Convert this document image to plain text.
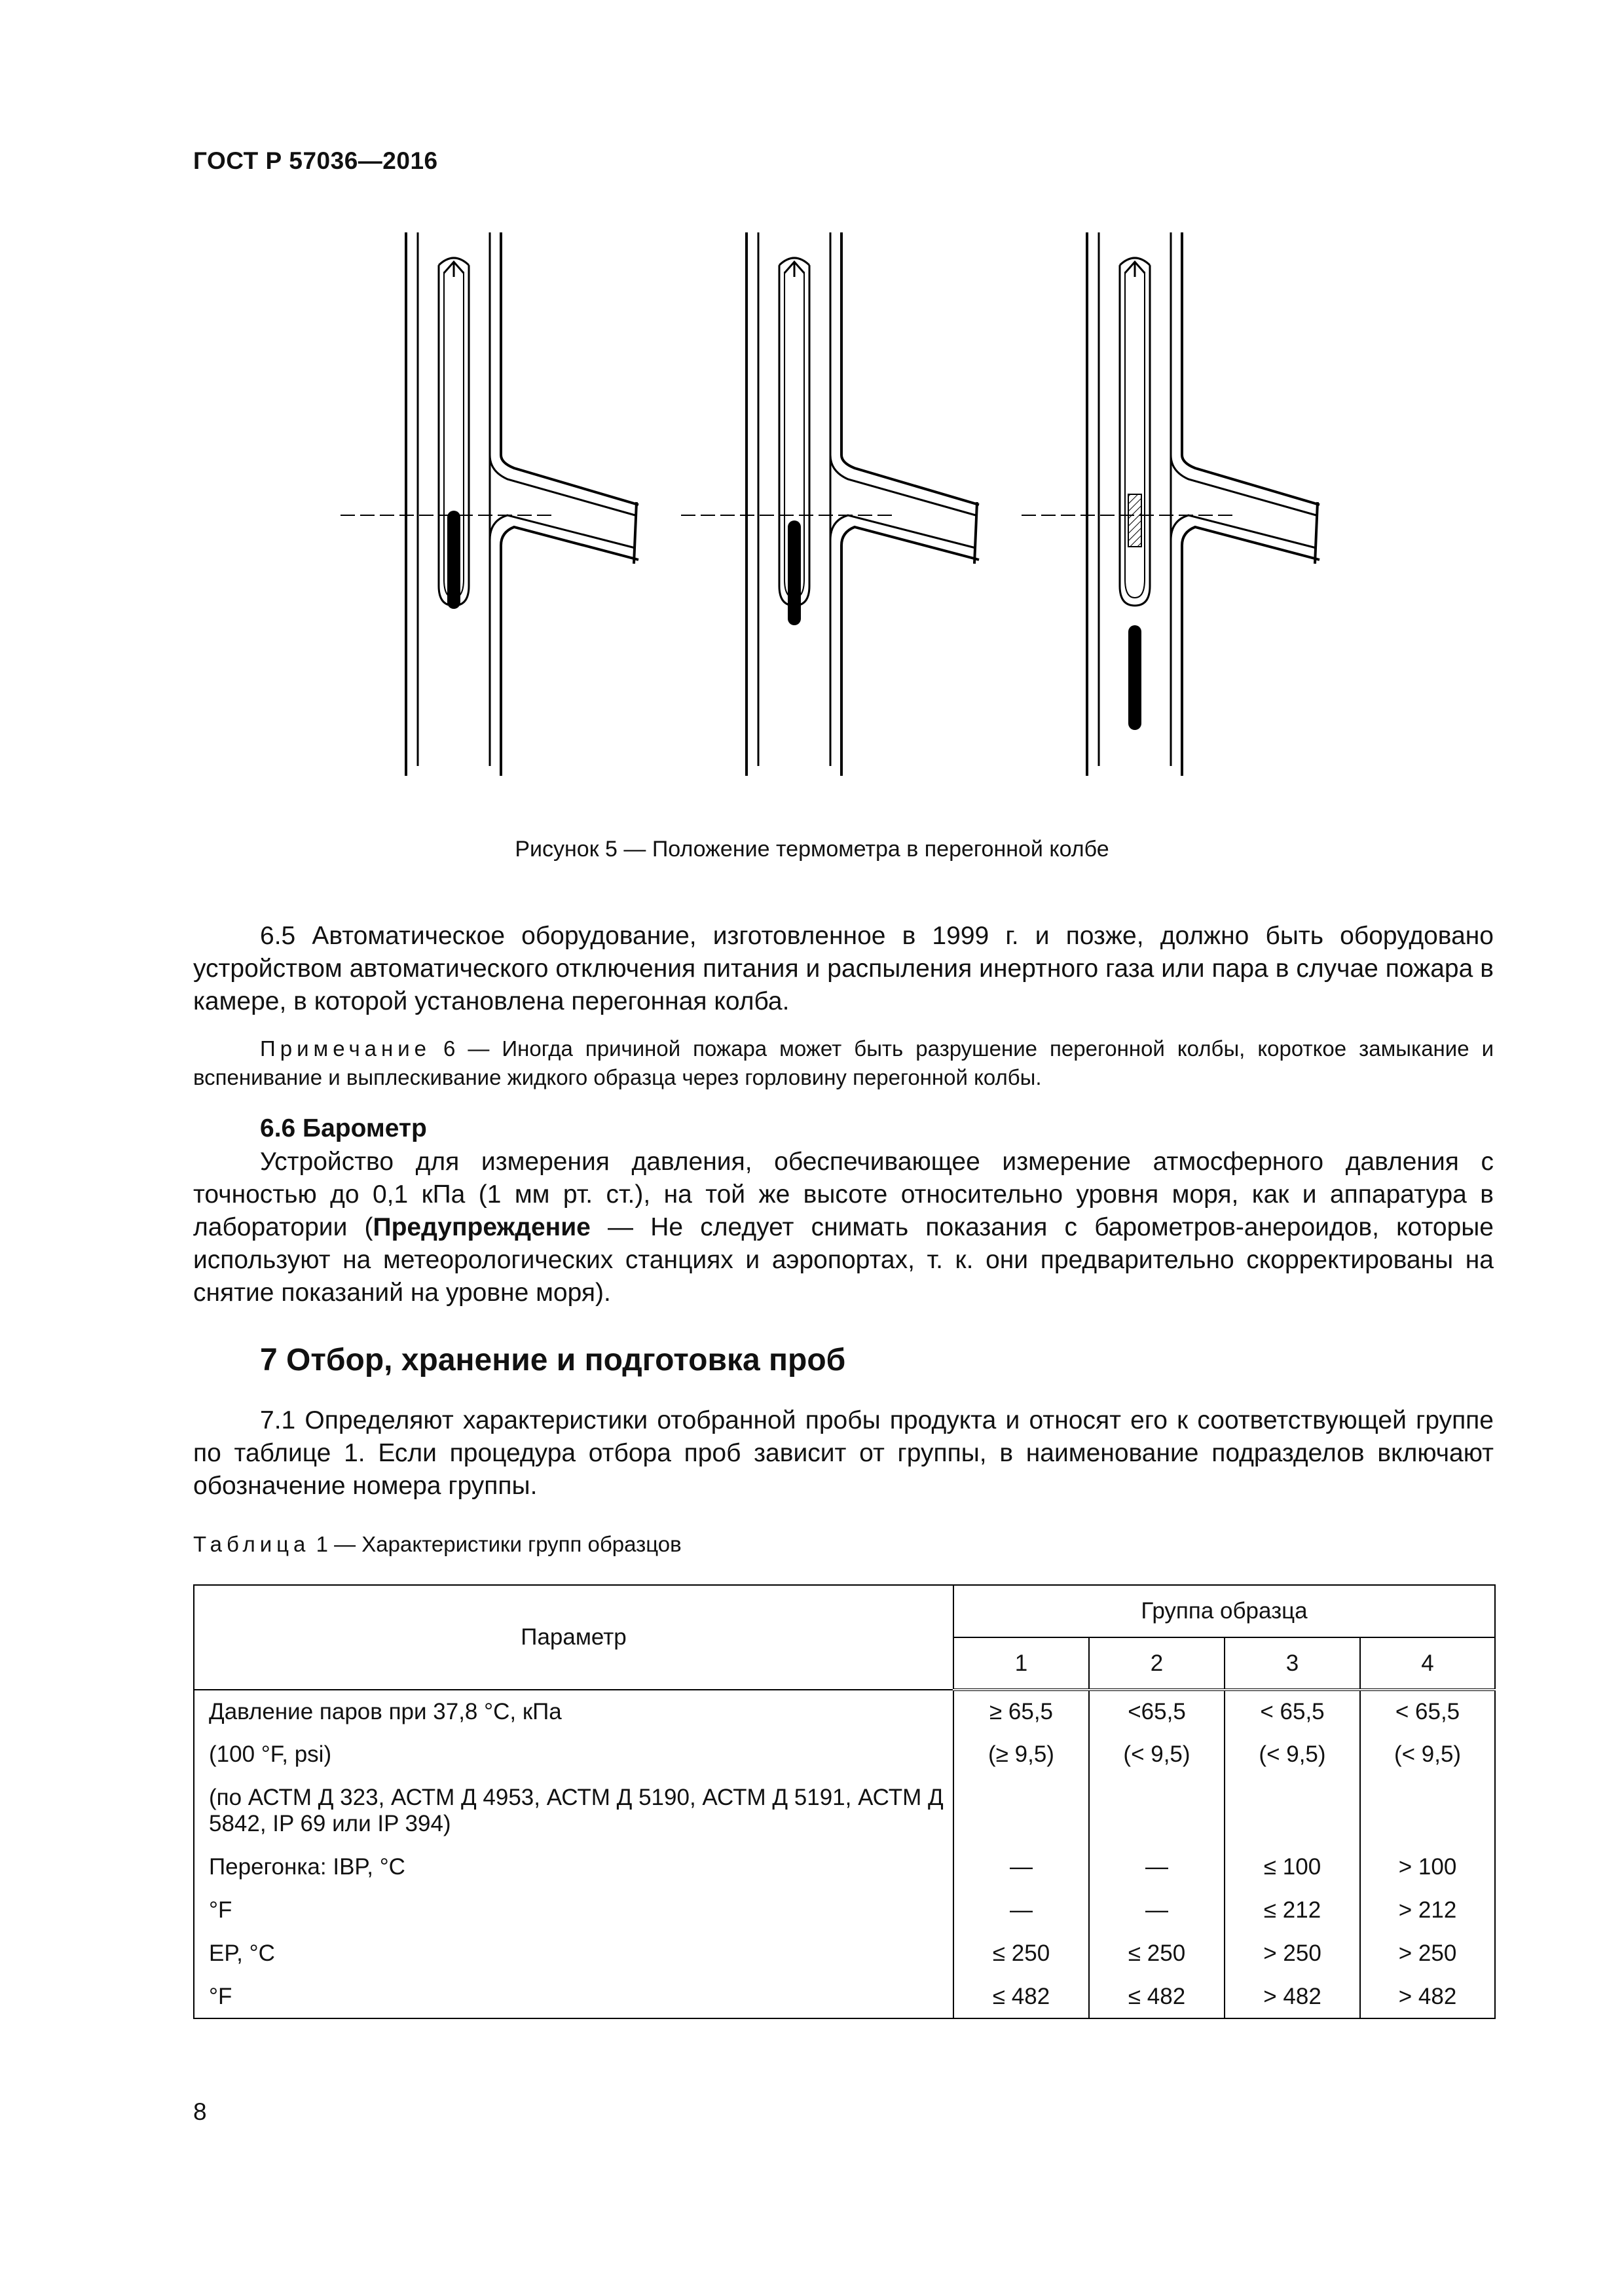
ГОСТ Р 57036—2016
Рисунок 5 — Положение термометра в перегонной колбе
6.5 Автоматическое оборудование, изготовленное в 1999 г. и позже, должно быть оборудовано устройством автоматического отключения питания и распыления инертного газа или пара в случае пожара в камере, в которой установлена перегонная колба.
Примечание 6 — Иногда причиной пожара может быть разрушение перегонной колбы, короткое замыкание и вспенивание и выплескивание жидкого образца через горловину перегонной колбы.
6.6 Барометр
Устройство для измерения давления, обеспечивающее измерение атмосферного давления с точностью до 0,1 кПа (1 мм рт. ст.), на той же высоте относительно уровня моря, как и аппаратура в лаборатории (Предупреждение — Не следует снимать показания с барометров-анероидов, которые используют на метеорологических станциях и аэропортах, т. к. они предварительно скорректированы на снятие показаний на уровне моря).
7 Отбор, хранение и подготовка проб
7.1 Определяют характеристики отобранной пробы продукта и относят его к соответствующей группе по таблице 1. Если процедура отбора проб зависит от группы, в наименование подразделов включают обозначение номера группы.
Таблица 1 — Характеристики групп образцов
Параметр	Группа образца			
	1	2	3	4
Давление паров при 37,8 °С, кПа	≥ 65,5	<65,5	< 65,5	< 65,5
(100 °F, psi)	(≥ 9,5)	(< 9,5)	(< 9,5)	(< 9,5)
(по АСТМ Д 323, АСТМ Д 4953, АСТМ Д 5190, АСТМ Д 5191, АСТМ Д 5842, IP 69 или IP 394)				
Перегонка: IBP, °C	—	—	≤ 100	> 100
°F	—	—	≤ 212	> 212
EP, °C	≤ 250	≤ 250	> 250	> 250
°F	≤ 482	≤ 482	> 482	> 482
8
